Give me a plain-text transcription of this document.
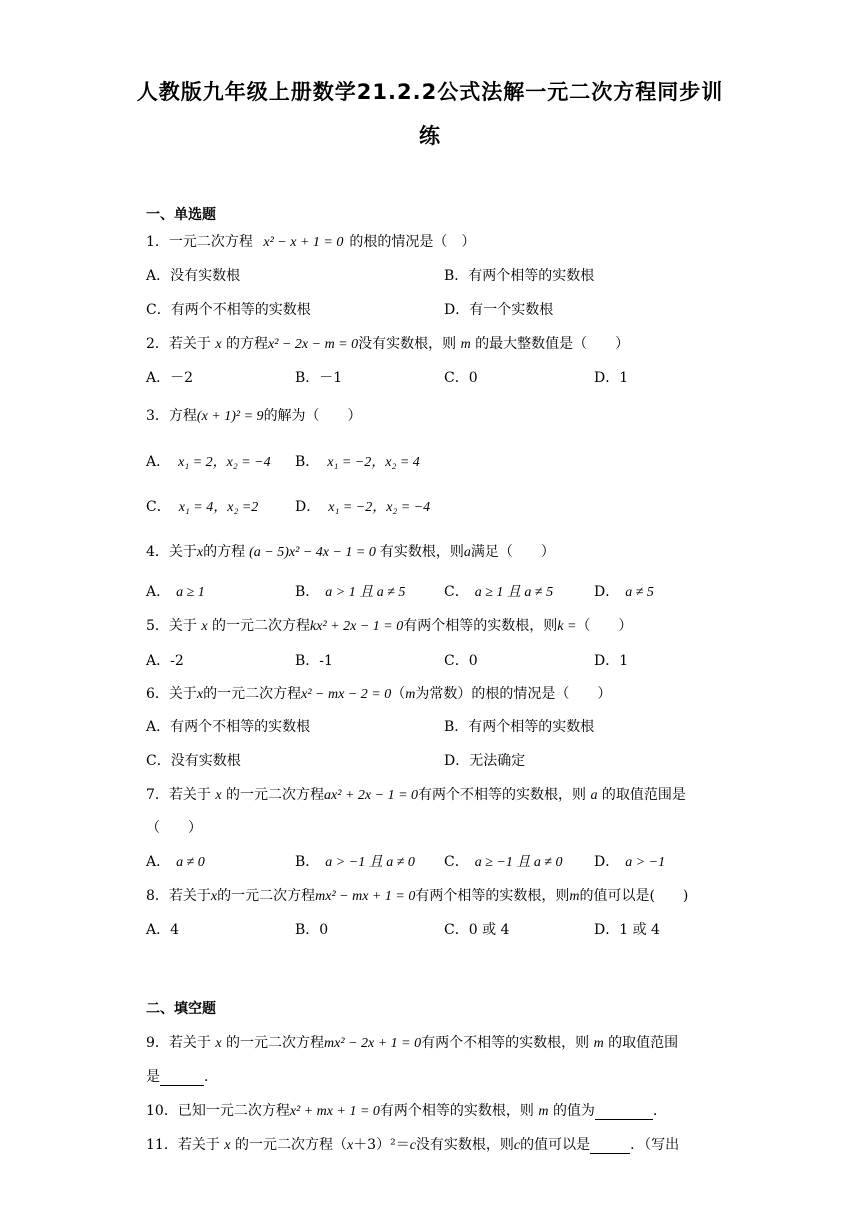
人教版九年级上册数学21.2.2公式法解一元二次方程同步训
练
一、单选题
1．一元二次方程 x² − x + 1 = 0 的根的情况是（　）
A．没有实数根	B．有两个相等的实数根
C．有两个不相等的实数根	D．有一个实数根
2．若关于 x 的方程x² − 2x − m = 0没有实数根，则 m 的最大整数值是（　　）
A．－2	B．－1	C．0	D．1
3．方程(x + 1)² = 9的解为（　　）
A． x₁ = 2，x₂ = −4 B． x₁ = −2，x₂ = 4
C． x₁ = 4，x₂ =2	D． x₁ = −2，x₂ = −4
4．关于x的方程 (a − 5)x² − 4x − 1 = 0 有实数根，则a满足（　　）
A． a ≥ 1	B． a > 1 且 a ≠ 5	C． a ≥ 1 且 a ≠ 5	D． a ≠ 5
5．关于 x 的一元二次方程kx² + 2x − 1 = 0有两个相等的实数根，则k =（　　）
A．-2	B．-1	C．0	D．1
6．关于x的一元二次方程x² − mx − 2 = 0（m为常数）的根的情况是（　　）
A．有两个不相等的实数根	B．有两个相等的实数根
C．没有实数根	D．无法确定
7．若关于 x 的一元二次方程ax² + 2x − 1 = 0有两个不相等的实数根，则 a 的取值范围是
（　　）
A． a ≠ 0	B． a > −1 且 a ≠ 0 C． a ≥ −1 且 a ≠ 0 D． a > −1
8．若关于x的一元二次方程mx² − mx + 1 = 0有两个相等的实数根，则m的值可以是(　　)
A．4	B．0	C．0 或 4	D．1 或 4
二、填空题
9．若关于 x 的一元二次方程mx² − 2x + 1 = 0有两个不相等的实数根，则 m 的取值范围
是	．
10．已知一元二次方程x² + mx + 1 = 0有两个相等的实数根，则 m 的值为	．
11．若关于 x 的一元二次方程（x＋3）²＝c没有实数根，则c的值可以是	．（写出
